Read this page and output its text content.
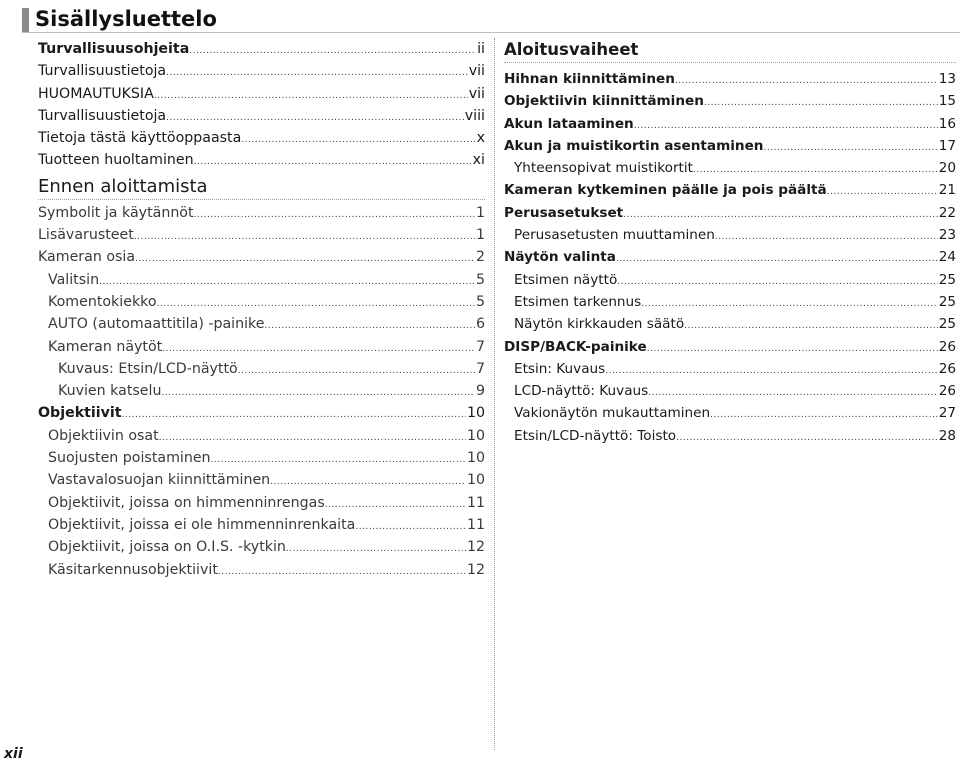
Sisällysluettelo
Turvallisuusohjeita .....	ii
Turvallisuustietoja .....	vii
HUOMAUTUKSIA .....	vii
Turvallisuustietoja .....	viii
Tietoja tästä käyttöoppaasta .....	x
Tuotteen huoltaminen .....	xi
Ennen aloittamista
Symbolit ja käytännöt .....	1
Lisävarusteet .....	1
Kameran osia .....	2
Valitsin .....	5
Komentokiekko .....	5
AUTO (automaattitila) -painike .....	6
Kameran näytöt .....	7
Kuvaus: Etsin/LCD-näyttö .....	7
Kuvien katselu .....	9
Objektiivit .....	10
Objektiivin osat .....	10
Suojusten poistaminen .....	10
Vastavalosuojan kiinnittäminen .....	10
Objektiivit, joissa on himmenninrengas .....	11
Objektiivit, joissa ei ole himmenninrenkaita .....	11
Objektiivit, joissa on O.I.S. -kytkin .....	12
Käsitarkennusobjektiivit .....	12
Aloitusvaiheet
Hihnan kiinnittäminen .....	13
Objektiivin kiinnittäminen .....	15
Akun lataaminen .....	16
Akun ja muistikortin asentaminen .....	17
Yhteensopivat muistikortit .....	20
Kameran kytkeminen päälle ja pois päältä .....	21
Perusasetukset .....	22
Perusasetusten muuttaminen .....	23
Näytön valinta .....	24
Etsimen näyttö .....	25
Etsimen tarkennus .....	25
Näytön kirkkauden säätö .....	25
DISP/BACK-painike .....	26
Etsin: Kuvaus .....	26
LCD-näyttö: Kuvaus .....	26
Vakionäytön mukauttaminen .....	27
Etsin/LCD-näyttö: Toisto .....	28
xii
